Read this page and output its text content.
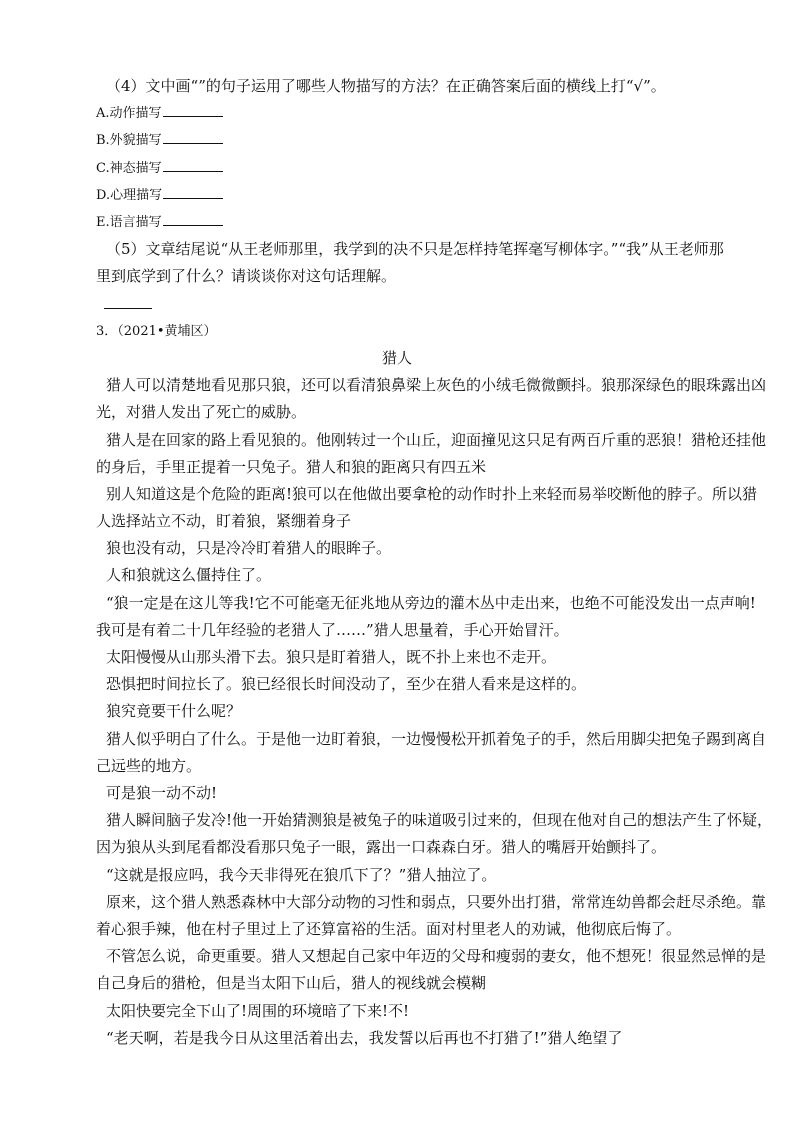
（4）文中画“”的句子运用了哪些人物描写的方法？在正确答案后面的横线上打“√”。
A.动作描写
B.外貌描写
C.神态描写
D.心理描写
E.语言描写
（5）文章结尾说“从王老师那里，我学到的决不只是怎样持笔挥毫写柳体字。”“我”从王老师那
里到底学到了什么？请谈谈你对这句话理解。
3．（2021•黄埔区）
猎人
猎人可以清楚地看见那只狼，还可以看清狼鼻梁上灰色的小绒毛微微颤抖。狼那深绿色的眼珠露出凶
光，对猎人发出了死亡的威胁。
猎人是在回家的路上看见狼的。他刚转过一个山丘，迎面撞见这只足有两百斤重的恶狼！猎枪还挂他
的身后，手里正提着一只兔子。猎人和狼的距离只有四五米
别人知道这是个危险的距离!狼可以在他做出要拿枪的动作时扑上来轻而易举咬断他的脖子。所以猎
人选择站立不动，盯着狼，紧绷着身子
狼也没有动，只是冷冷盯着猎人的眼眸子。
人和狼就这么僵持住了。
“狼一定是在这儿等我!它不可能毫无征兆地从旁边的灌木丛中走出来，也绝不可能没发出一点声响!
我可是有着二十几年经验的老猎人了……”猎人思量着，手心开始冒汗。
太阳慢慢从山那头滑下去。狼只是盯着猎人，既不扑上来也不走开。
恐惧把时间拉长了。狼已经很长时间没动了，至少在猎人看来是这样的。
狼究竟要干什么呢？
猎人似乎明白了什么。于是他一边盯着狼，一边慢慢松开抓着兔子的手，然后用脚尖把兔子踢到离自
己远些的地方。
可是狼一动不动!
猎人瞬间脑子发冷!他一开始猜测狼是被兔子的味道吸引过来的，但现在他对自己的想法产生了怀疑，
因为狼从头到尾看都没看那只兔子一眼，露出一口森森白牙。猎人的嘴唇开始颤抖了。
“这就是报应吗，我今天非得死在狼爪下了？”猎人抽泣了。
原来，这个猎人熟悉森林中大部分动物的习性和弱点，只要外出打猎，常常连幼兽都会赶尽杀绝。靠
着心狠手辣，他在村子里过上了还算富裕的生活。面对村里老人的劝诫，他彻底后悔了。
不管怎么说，命更重要。猎人又想起自己家中年迈的父母和瘦弱的妻女，他不想死！很显然忌惮的是
自己身后的猎枪，但是当太阳下山后，猎人的视线就会模糊
太阳快要完全下山了!周围的环境暗了下来!不!
“老天啊，若是我今日从这里活着出去，我发誓以后再也不打猎了!”猎人绝望了
